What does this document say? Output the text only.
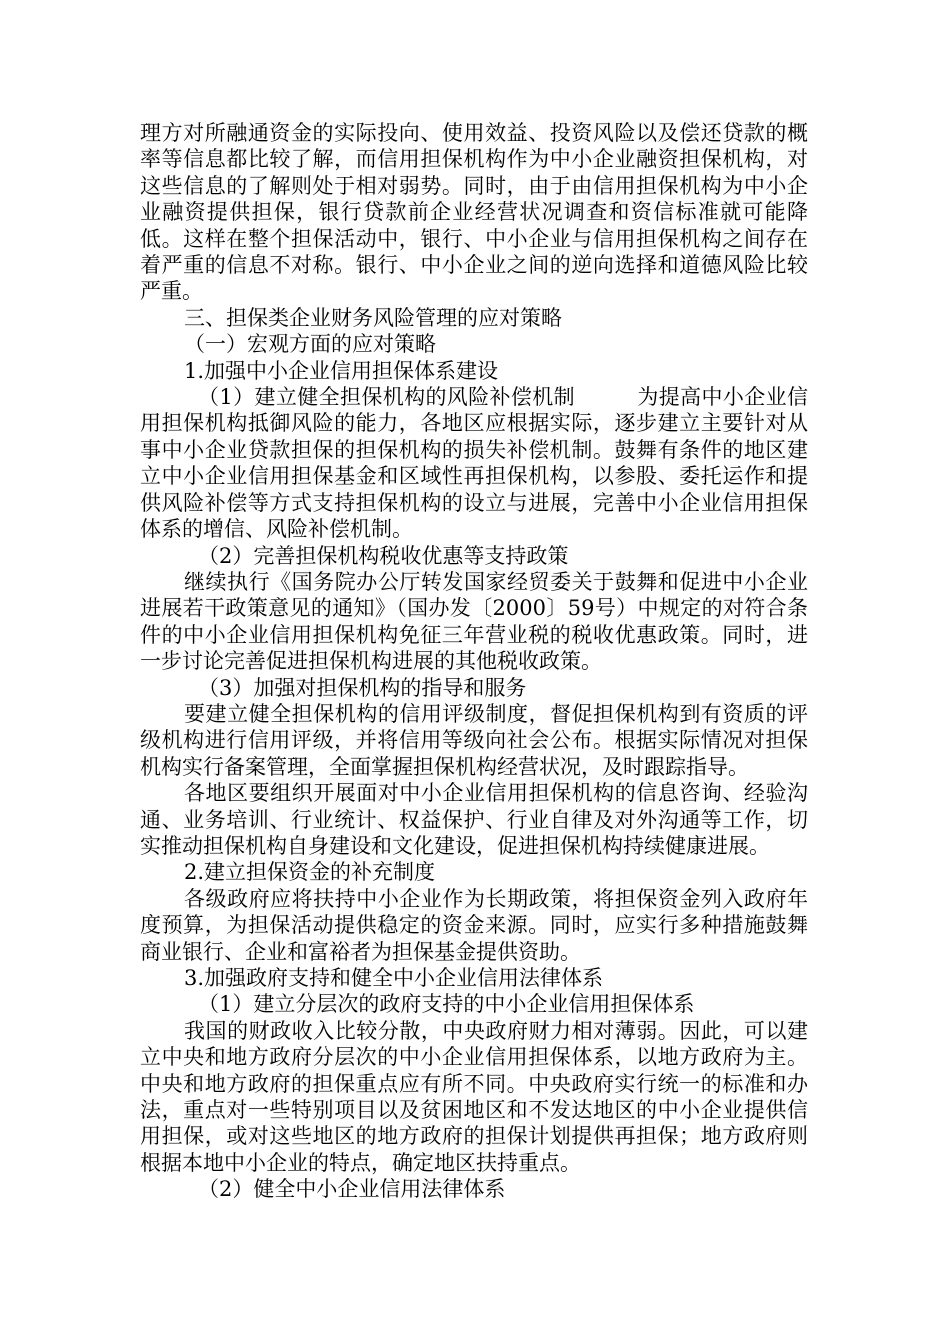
理方对所融通资金的实际投向、使用效益、投资风险以及偿还贷款的概率等信息都比较了解，而信用担保机构作为中小企业融资担保机构，对这些信息的了解则处于相对弱势。同时，由于由信用担保机构为中小企业融资提供担保，银行贷款前企业经营状况调查和资信标准就可能降低。这样在整个担保活动中，银行、中小企业与信用担保机构之间存在着严重的信息不对称。银行、中小企业之间的逆向选择和道德风险比较严重。

三、担保类企业财务风险管理的应对策略

（一）宏观方面的应对策略

1.加强中小企业信用担保体系建设

（1）建立健全担保机构的风险补偿机制	为提高中小企业信用担保机构抵御风险的能力，各地区应根据实际，逐步建立主要针对从事中小企业贷款担保的担保机构的损失补偿机制。鼓舞有条件的地区建立中小企业信用担保基金和区域性再担保机构，以参股、委托运作和提供风险补偿等方式支持担保机构的设立与进展，完善中小企业信用担保体系的增信、风险补偿机制。

（2）完善担保机构税收优惠等支持政策

继续执行《国务院办公厅转发国家经贸委关于鼓舞和促进中小企业进展若干政策意见的通知》（国办发〔2000〕59号）中规定的对符合条件的中小企业信用担保机构免征三年营业税的税收优惠政策。同时，进一步讨论完善促进担保机构进展的其他税收政策。

（3）加强对担保机构的指导和服务

要建立健全担保机构的信用评级制度，督促担保机构到有资质的评级机构进行信用评级，并将信用等级向社会公布。根据实际情况对担保机构实行备案管理，全面掌握担保机构经营状况，及时跟踪指导。

各地区要组织开展面对中小企业信用担保机构的信息咨询、经验沟通、业务培训、行业统计、权益保护、行业自律及对外沟通等工作，切实推动担保机构自身建设和文化建设，促进担保机构持续健康进展。

2.建立担保资金的补充制度

各级政府应将扶持中小企业作为长期政策，将担保资金列入政府年度预算，为担保活动提供稳定的资金来源。同时，应实行多种措施鼓舞商业银行、企业和富裕者为担保基金提供资助。

3.加强政府支持和健全中小企业信用法律体系

（1）建立分层次的政府支持的中小企业信用担保体系

我国的财政收入比较分散，中央政府财力相对薄弱。因此，可以建立中央和地方政府分层次的中小企业信用担保体系，以地方政府为主。中央和地方政府的担保重点应有所不同。中央政府实行统一的标准和办法，重点对一些特别项目以及贫困地区和不发达地区的中小企业提供信用担保，或对这些地区的地方政府的担保计划提供再担保；地方政府则根据本地中小企业的特点，确定地区扶持重点。

（2）健全中小企业信用法律体系
